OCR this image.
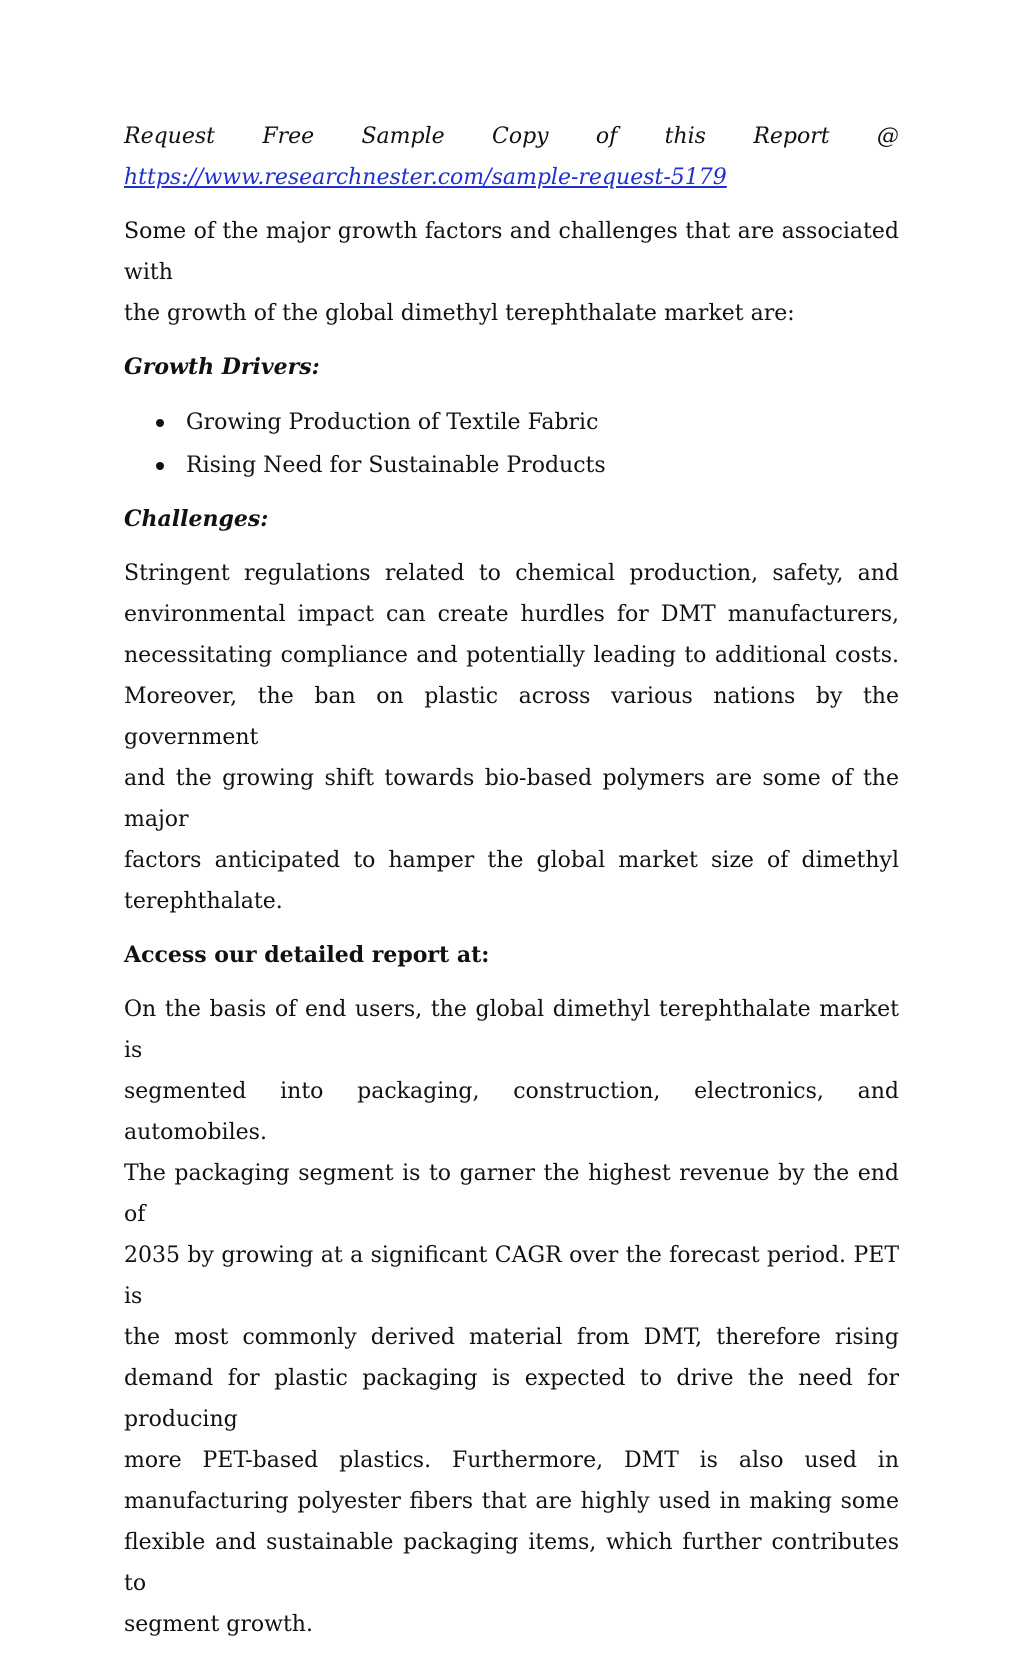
Request Free Sample Copy of this Report @
https://www.researchnester.com/sample-request-5179
Some of the major growth factors and challenges that are associated with
the growth of the global dimethyl terephthalate market are:
Growth Drivers:
Growing Production of Textile Fabric
Rising Need for Sustainable Products
Challenges:
Stringent regulations related to chemical production, safety, and
environmental impact can create hurdles for DMT manufacturers,
necessitating compliance and potentially leading to additional costs.
Moreover, the ban on plastic across various nations by the government
and the growing shift towards bio-based polymers are some of the major
factors anticipated to hamper the global market size of dimethyl
terephthalate.
Access our detailed report at:
On the basis of end users, the global dimethyl terephthalate market is
segmented into packaging, construction, electronics, and automobiles.
The packaging segment is to garner the highest revenue by the end of
2035 by growing at a significant CAGR over the forecast period. PET is
the most commonly derived material from DMT, therefore rising
demand for plastic packaging is expected to drive the need for producing
more PET-based plastics. Furthermore, DMT is also used in
manufacturing polyester fibers that are highly used in making some
flexible and sustainable packaging items, which further contributes to
segment growth.
